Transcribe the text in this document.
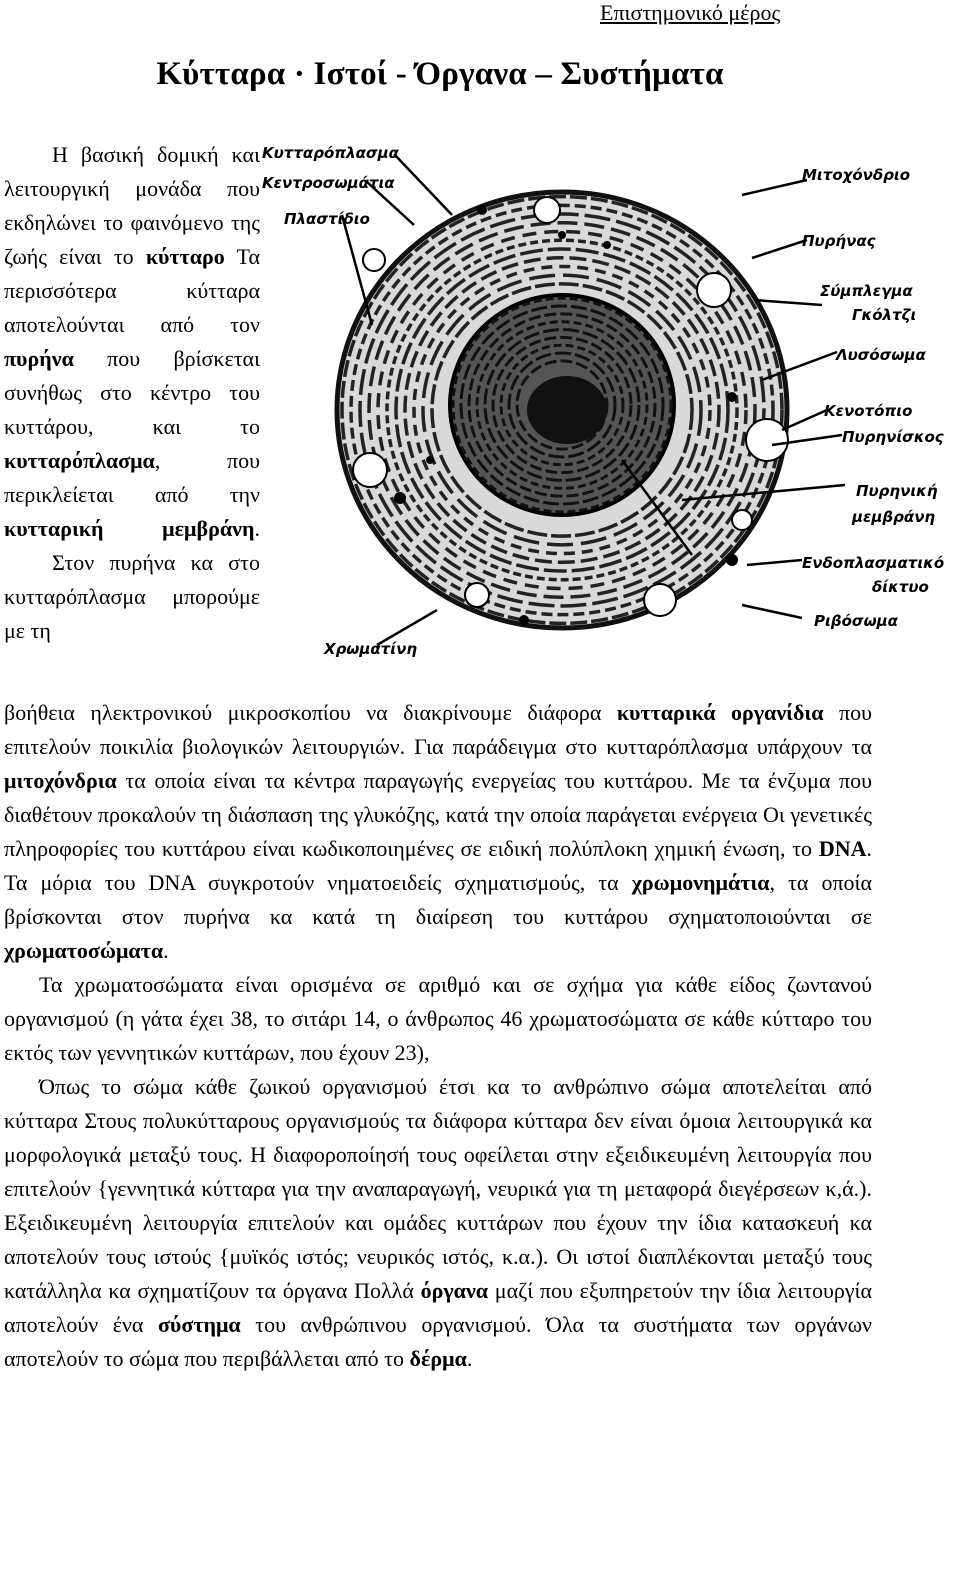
Επιστημονικό μέρος
Κύτταρα · Ιστοί - Όργανα – Συστήματα

Η βασική δομική και λειτουργική μονάδα που εκδηλώνει το φαινόμενο της ζωής είναι το κύτταρο Τα περισσότερα κύτταρα αποτελούνται από τον πυρήνα που βρίσκεται συνήθως στο κέντρο του κυττάρου, και το κυτταρόπλασμα, που περικλείεται από την κυτταρική μεμβράνη.

Στον πυρήνα κα στο κυτταρόπλασμα μπορούμε με τη

Κυτταρόπλασμα
Κεντροσωμάτια
Πλαστίδιο
Μιτοχόνδριο
Πυρήνας
Σύμπλεγμα
Γκόλτζι
Λυσόσωμα
Κενοτόπιο
Πυρηνίσκος
Πυρηνική
μεμβράνη
Ενδοπλασματικό
δίκτυο
Ριβόσωμα
Χρωματίνη

βοήθεια ηλεκτρονικού μικροσκοπίου να διακρίνουμε διάφορα κυτταρικά οργανίδια που επιτελούν ποικιλία βιολογικών λειτουργιών. Για παράδειγμα στο κυτταρόπλασμα υπάρχουν τα μιτοχόνδρια τα οποία είναι τα κέντρα παραγωγής ενεργείας του κυττάρου. Με τα ένζυμα που διαθέτουν προκαλούν τη διάσπαση της γλυκόζης, κατά την οποία παράγεται ενέργεια Οι γενετικές πληροφορίες του κυττάρου είναι κωδικοποιημένες σε ειδική πολύπλοκη χημική ένωση, το DNA. Τα μόρια του DNA συγκροτούν νηματοειδείς σχηματισμούς, τα χρωμονημάτια, τα οποία βρίσκονται στον πυρήνα κα κατά τη διαίρεση του κυττάρου σχηματοποιούνται σε χρωματοσώματα.

Τα χρωματοσώματα είναι ορισμένα σε αριθμό και σε σχήμα για κάθε είδος ζωντανού οργανισμού (η γάτα έχει 38, το σιτάρι 14, ο άνθρωπος 46 χρωματοσώματα σε κάθε κύτταρο του εκτός των γεννητικών κυττάρων, που έχουν 23),

Όπως το σώμα κάθε ζωικού οργανισμού έτσι κα το ανθρώπινο σώμα αποτελείται από κύτταρα Στους πολυκύτταρους οργανισμούς τα διάφορα κύτταρα δεν είναι όμοια λειτουργικά κα μορφολογικά μεταξύ τους. Η διαφοροποίησή τους οφείλεται στην εξειδικευμένη λειτουργία που επιτελούν {γεννητικά κύτταρα για την αναπαραγωγή, νευρικά για τη μεταφορά διεγέρσεων κ,ά.). Εξειδικευμένη λειτουργία επιτελούν και ομάδες κυττάρων που έχουν την ίδια κατασκευή κα αποτελούν τους ιστούς {μυϊκός ιστός; νευρικός ιστός, κ.α.). Οι ιστοί διαπλέκονται μεταξύ τους κατάλληλα κα σχηματίζουν τα όργανα Πολλά όργανα μαζί που εξυπηρετούν την ίδια λειτουργία αποτελούν ένα σύστημα του ανθρώπινου οργανισμού. Όλα τα συστήματα των οργάνων αποτελούν το σώμα που περιβάλλεται από το δέρμα.
